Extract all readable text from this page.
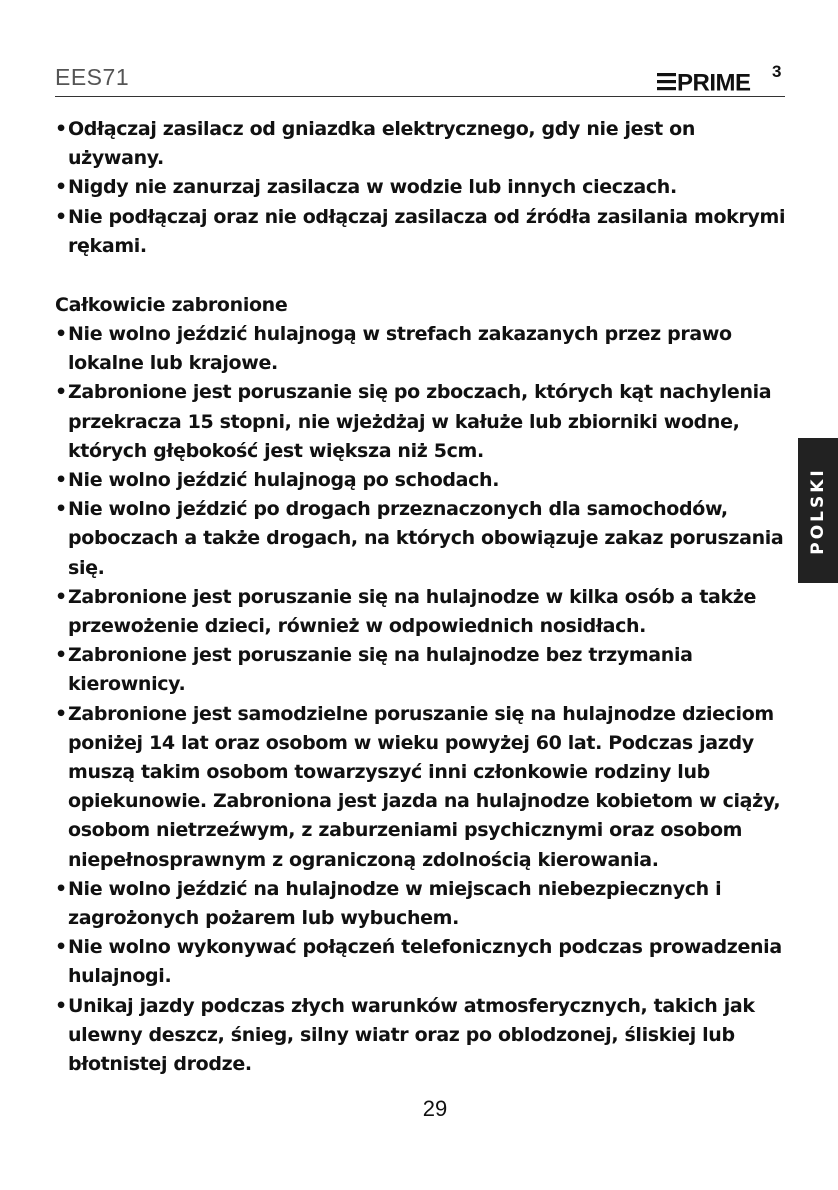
EES71	PRIME 3
• Odłączaj zasilacz od gniazdka elektrycznego, gdy nie jest on używany.
• Nigdy nie zanurzaj zasilacza w wodzie lub innych cieczach.
• Nie podłączaj oraz nie odłączaj zasilacza od źródła zasilania mokrymi rękami.
Całkowicie zabronione
• Nie wolno jeździć hulajnogą w strefach zakazanych przez prawo lokalne lub krajowe.
• Zabronione jest poruszanie się po zboczach, których kąt nachylenia przekracza 15 stopni, nie wjeżdżaj w kałuże lub zbiorniki wodne, których głębokość jest większa niż 5cm.
• Nie wolno jeździć hulajnogą po schodach.
• Nie wolno jeździć po drogach przeznaczonych dla samochodów, poboczach a także drogach, na których obowiązuje zakaz poruszania się.
• Zabronione jest poruszanie się na hulajnodze w kilka osób a także przewożenie dzieci, również w odpowiednich nosidłach.
• Zabronione jest poruszanie się na hulajnodze bez trzymania kierownicy.
• Zabronione jest samodzielne poruszanie się na hulajnodze dzieciom poniżej 14 lat oraz osobom w wieku powyżej 60 lat. Podczas jazdy muszą takim osobom towarzyszyć inni członkowie rodziny lub opiekunowie. Zabroniona jest jazda na hulajnodze kobietom w ciąży, osobom nietrzeźwym, z zaburzeniami psychicznymi oraz osobom niepełnosprawnym z ograniczoną zdolnością kierowania.
• Nie wolno jeździć na hulajnodze w miejscach niebezpiecznych i zagrożonych pożarem lub wybuchem.
• Nie wolno wykonywać połączeń telefonicznych podczas prowadzenia hulajnogi.
• Unikaj jazdy podczas złych warunków atmosferycznych, takich jak ulewny deszcz, śnieg, silny wiatr oraz po oblodzonej, śliskiej lub błotnistej drodze.
POLSKI
29
